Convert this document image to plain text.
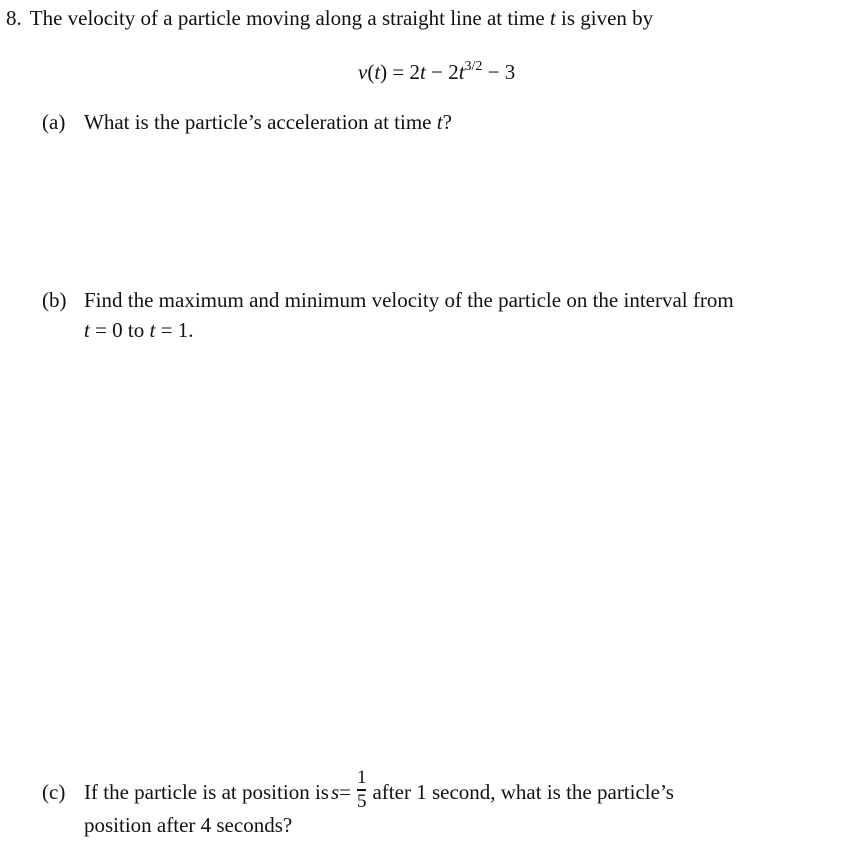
8. The velocity of a particle moving along a straight line at time t is given by
$v(t) = 2t - 2t^{3/2} - 3$
(a) What is the particle’s acceleration at time t?
(b) Find the maximum and minimum velocity of the particle on the interval from
t = 0 to t = 1.
(c) If the particle is at position is $s = \frac{1}{5}$ after 1 second, what is the particle’s
position after 4 seconds?
